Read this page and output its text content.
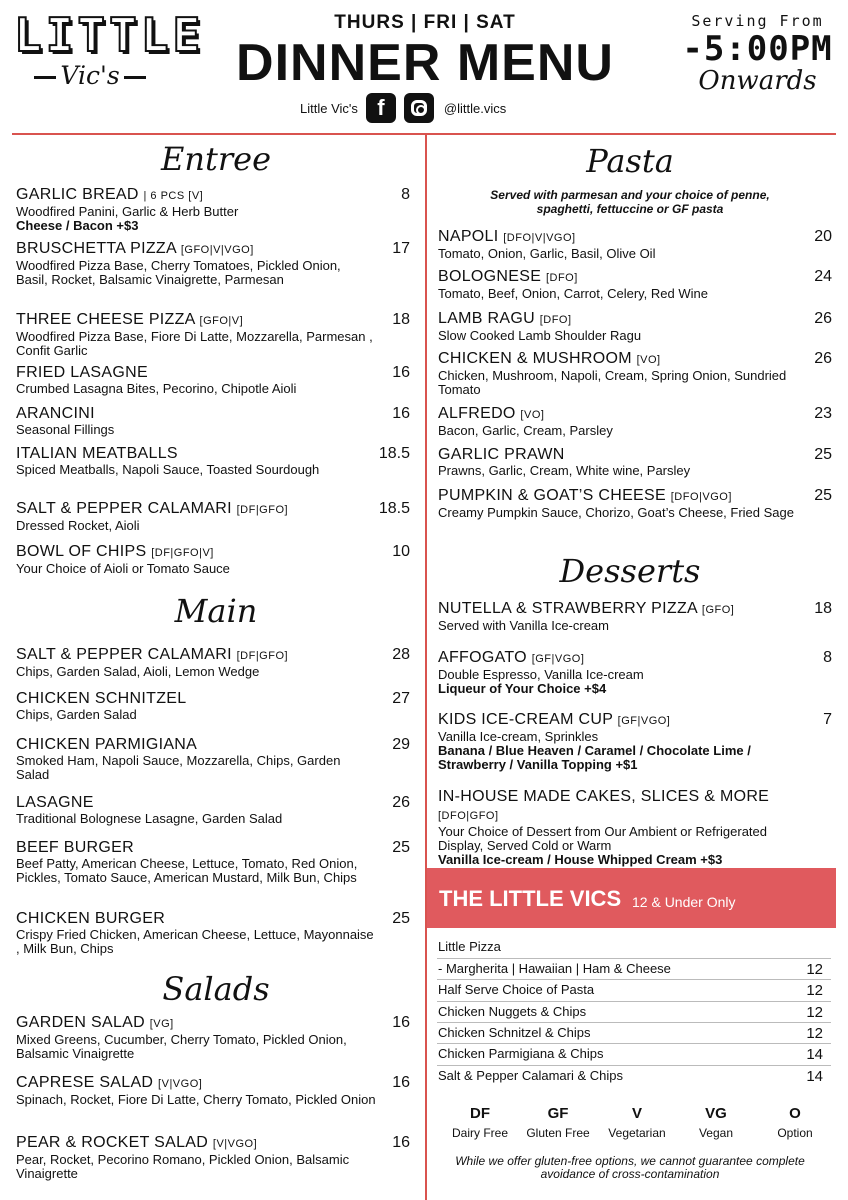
LITTLE
Vic's
THURS | FRI | SAT
DINNER MENU
Little Vic's f	@little.vics
Serving From
-5:00PM
Onwards
Entree
GARLIC BREAD | 6 PCS [V]
Woodfired Panini, Garlic & Herb Butter
Cheese / Bacon +$3
8
BRUSCHETTA PIZZA [GFO|V|VGO]
Woodfired Pizza Base, Cherry Tomatoes, Pickled Onion, Basil, Rocket, Balsamic Vinaigrette, Parmesan
17
THREE CHEESE PIZZA [GFO|V]
Woodfired Pizza Base, Fiore Di Latte, Mozzarella, Parmesan , Confit Garlic
18
FRIED LASAGNE
Crumbed Lasagna Bites, Pecorino, Chipotle Aioli
16
ARANCINI
Seasonal Fillings
16
ITALIAN MEATBALLS
Spiced Meatballs, Napoli Sauce, Toasted Sourdough
18.5
SALT & PEPPER CALAMARI [DF|GFO]
Dressed Rocket, Aioli
18.5
BOWL OF CHIPS [DF|GFO|V]
Your Choice of Aioli or Tomato Sauce
10
Main
SALT & PEPPER CALAMARI [DF|GFO]
Chips, Garden Salad, Aioli, Lemon Wedge
28
CHICKEN SCHNITZEL
Chips, Garden Salad
27
CHICKEN PARMIGIANA
Smoked Ham, Napoli Sauce, Mozzarella, Chips, Garden Salad
29
LASAGNE
Traditional Bolognese Lasagne, Garden Salad
26
BEEF BURGER
Beef Patty, American Cheese, Lettuce, Tomato, Red Onion, Pickles, Tomato Sauce, American Mustard, Milk Bun, Chips
25
CHICKEN BURGER
Crispy Fried Chicken, American Cheese, Lettuce, Mayonnaise , Milk Bun, Chips
25
Salads
GARDEN SALAD [VG]
Mixed Greens, Cucumber, Cherry Tomato, Pickled Onion, Balsamic Vinaigrette
16
CAPRESE SALAD [V|VGO]
Spinach, Rocket, Fiore Di Latte, Cherry Tomato, Pickled Onion
16
PEAR & ROCKET SALAD [V|VGO]
Pear, Rocket, Pecorino Romano, Pickled Onion, Balsamic Vinaigrette
16
Pasta
Served with parmesan and your choice of penne, spaghetti, fettuccine or GF pasta
NAPOLI [DFO|V|VGO]
Tomato, Onion, Garlic, Basil, Olive Oil
20
BOLOGNESE [DFO]
Tomato, Beef, Onion, Carrot, Celery, Red Wine
24
LAMB RAGU [DFO]
Slow Cooked Lamb Shoulder Ragu
26
CHICKEN & MUSHROOM [VO]
Chicken, Mushroom, Napoli, Cream, Spring Onion, Sundried Tomato
26
ALFREDO [VO]
Bacon, Garlic, Cream, Parsley
23
GARLIC PRAWN
Prawns, Garlic, Cream, White wine, Parsley
25
PUMPKIN & GOAT’S CHEESE [DFO|VGO]
Creamy Pumpkin Sauce, Chorizo, Goat’s Cheese, Fried Sage
25
Desserts
NUTELLA & STRAWBERRY PIZZA [GFO]
Served with Vanilla Ice-cream
18
AFFOGATO [GF|VGO]
Double Espresso, Vanilla Ice-cream
Liqueur of Your Choice +$4
8
KIDS ICE-CREAM CUP [GF|VGO]
Vanilla Ice-cream, Sprinkles
Banana / Blue Heaven / Caramel / Chocolate Lime / Strawberry / Vanilla Topping +$1
7
IN-HOUSE MADE CAKES, SLICES & MORE [DFO|GFO]
Your Choice of Dessert from Our Ambient or Refrigerated Display, Served Cold or Warm
Vanilla Ice-cream / House Whipped Cream +$3
THE LITTLE VICS 12 & Under Only
Little Pizza
- Margherita | Hawaiian | Ham & Cheese	12
Half Serve Choice of Pasta	12
Chicken Nuggets & Chips	12
Chicken Schnitzel & Chips	12
Chicken Parmigiana & Chips	14
Salt & Pepper Calamari & Chips	14
DF
Dairy Free
GF
Gluten Free
V
Vegetarian
VG
Vegan
O
Option
While we offer gluten-free options, we cannot guarantee complete avoidance of cross-contamination
